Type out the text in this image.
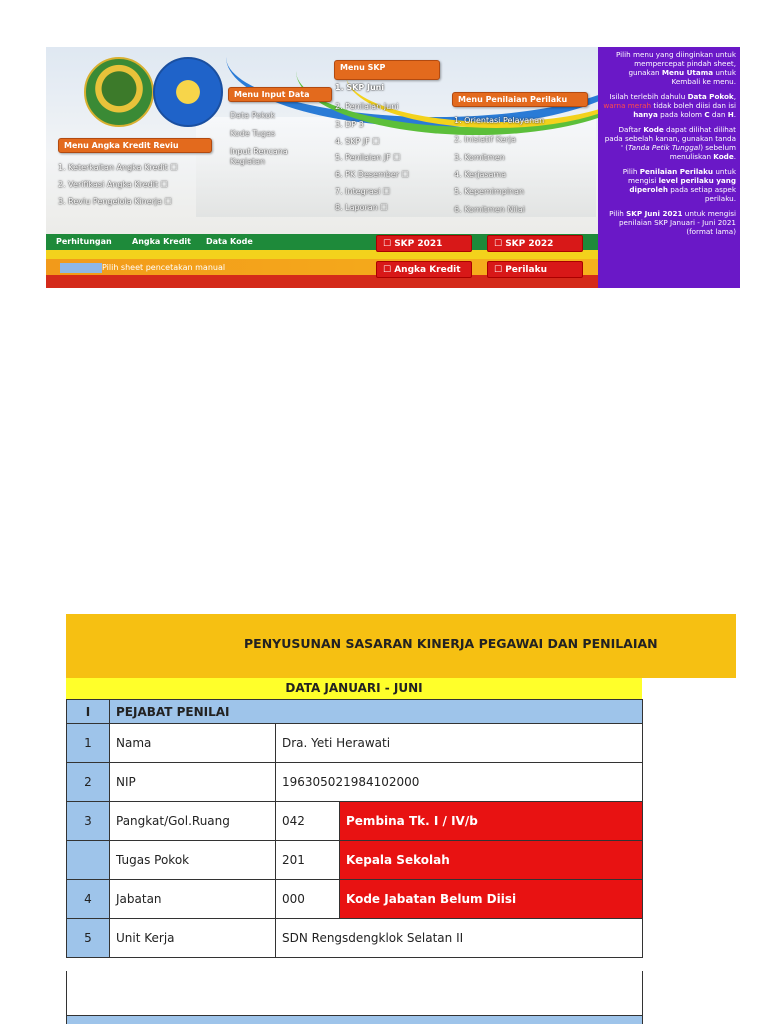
Menu Angka Kredit Reviu
1. Keterkaitan Angka Kredit ☐
2. Verifikasi Angka Kredit ☐
3. Reviu Pengelola Kinerja ☐
Menu Input Data
Data Pokok
Kode Tugas
Input Rencana
Kegiatan
Menu SKP
1. SKP Juni
2. Penilaian Juni
3. DP 3
4. SKP JF ☐
5. Penilaian JF ☐
6. PK Desember ☐
7. Integrasi ☐
8. Laporan ☐
Menu Penilaian Perilaku
1. Orientasi Pelayanan
2. Inisiatif Kerja
3. Komitmen
4. Kerjasama
5. Kepemimpinan
6. Komitmen Nilai
Perhitungan	Angka Kredit Data Kode
Pilih sheet pencetakan manual
☐ SKP 2021	☐ SKP 2022
☐ Angka Kredit	☐ Perilaku

Pilih menu yang diinginkan untuk mempercepat pindah sheet, gunakan Menu Utama untuk Kembali ke menu.

Isilah terlebih dahulu Data Pokok, warna merah tidak boleh diisi dan isi hanya pada kolom C dan H.

Daftar Kode dapat dilihat dilihat pada sebelah kanan, gunakan tanda ' (Tanda Petik Tunggal) sebelum menuliskan Kode.

Pilih Penilaian Perilaku untuk mengisi level perilaku yang diperoleh pada setiap aspek perilaku.

Pilih SKP Juni 2021 untuk mengisi penilaian SKP Januari - Juni 2021 (format lama)

PENYUSUNAN SASARAN KINERJA PEGAWAI DAN PENILAIAN
DATA JANUARI - JUNI
I	PEJABAT PENILAI		
1	Nama	Dra. Yeti Herawati	
2	NIP	196305021984102000	
3	Pangkat/Gol.Ruang	042	Pembina Tk. I / IV/b
	Tugas Pokok	201	Kepala Sekolah
4	Jabatan	000	Kode Jabatan Belum Diisi
5	Unit Kerja	SDN Rengsdengklok Selatan II	
